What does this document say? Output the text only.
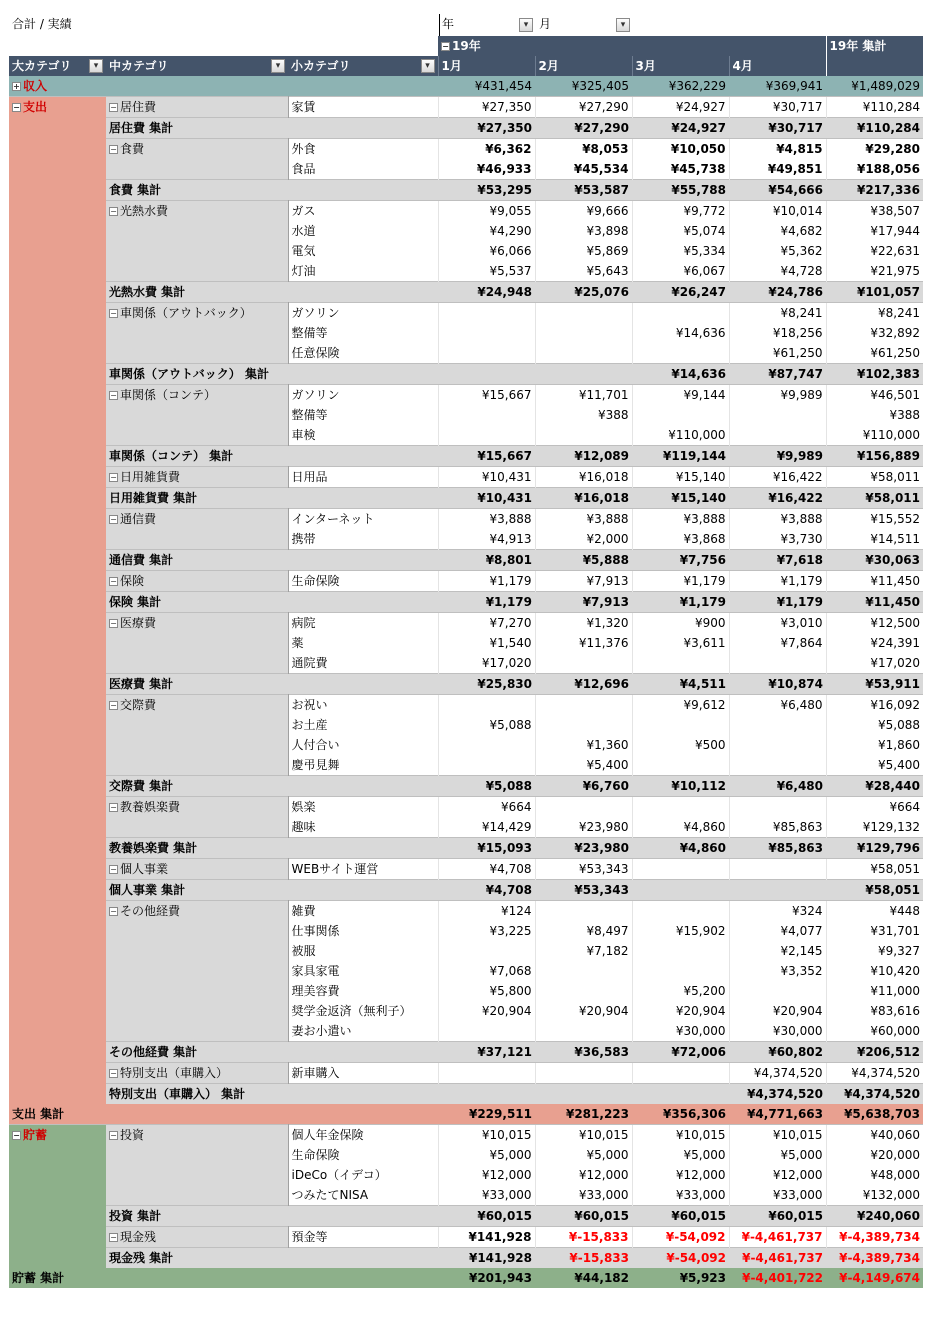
合計 / 実績	年	▾ 月	▾
			− 19年				19年 集計
大カテゴリ ▾	中カテゴリ ▾	小カテゴリ ▾	1月	2月	3月	4月	
+ 収入			¥431,454	¥325,405	¥362,229	¥369,941	¥1,489,029
− 支出	− 居住費	家賃	¥27,350	¥27,290	¥24,927	¥30,717	¥110,284
	居住費 集計		¥27,350	¥27,290	¥24,927	¥30,717	¥110,284
	− 食費	外食	¥6,362	¥8,053	¥10,050	¥4,815	¥29,280
		食品	¥46,933	¥45,534	¥45,738	¥49,851	¥188,056
	食費 集計		¥53,295	¥53,587	¥55,788	¥54,666	¥217,336
	− 光熱水費	ガス	¥9,055	¥9,666	¥9,772	¥10,014	¥38,507
		水道	¥4,290	¥3,898	¥5,074	¥4,682	¥17,944
		電気	¥6,066	¥5,869	¥5,334	¥5,362	¥22,631
		灯油	¥5,537	¥5,643	¥6,067	¥4,728	¥21,975
	光熱水費 集計		¥24,948	¥25,076	¥26,247	¥24,786	¥101,057
	− 車関係（アウトバック）	ガソリン				¥8,241	¥8,241
		整備等			¥14,636	¥18,256	¥32,892
		任意保険				¥61,250	¥61,250
	車関係（アウトバック） 集計				¥14,636	¥87,747	¥102,383
	− 車関係（コンテ）	ガソリン	¥15,667	¥11,701	¥9,144	¥9,989	¥46,501
		整備等		¥388			¥388
		車検			¥110,000		¥110,000
	車関係（コンテ） 集計		¥15,667	¥12,089	¥119,144	¥9,989	¥156,889
	− 日用雑貨費	日用品	¥10,431	¥16,018	¥15,140	¥16,422	¥58,011
	日用雑貨費 集計		¥10,431	¥16,018	¥15,140	¥16,422	¥58,011
	− 通信費	インターネット	¥3,888	¥3,888	¥3,888	¥3,888	¥15,552
		携帯	¥4,913	¥2,000	¥3,868	¥3,730	¥14,511
	通信費 集計		¥8,801	¥5,888	¥7,756	¥7,618	¥30,063
	− 保険	生命保険	¥1,179	¥7,913	¥1,179	¥1,179	¥11,450
	保険 集計		¥1,179	¥7,913	¥1,179	¥1,179	¥11,450
	− 医療費	病院	¥7,270	¥1,320	¥900	¥3,010	¥12,500
		薬	¥1,540	¥11,376	¥3,611	¥7,864	¥24,391
		通院費	¥17,020				¥17,020
	医療費 集計		¥25,830	¥12,696	¥4,511	¥10,874	¥53,911
	− 交際費	お祝い			¥9,612	¥6,480	¥16,092
		お土産	¥5,088				¥5,088
		人付合い		¥1,360	¥500		¥1,860
		慶弔見舞		¥5,400			¥5,400
	交際費 集計		¥5,088	¥6,760	¥10,112	¥6,480	¥28,440
	− 教養娯楽費	娯楽	¥664				¥664
		趣味	¥14,429	¥23,980	¥4,860	¥85,863	¥129,132
	教養娯楽費 集計		¥15,093	¥23,980	¥4,860	¥85,863	¥129,796
	− 個人事業	WEBサイト運営	¥4,708	¥53,343			¥58,051
	個人事業 集計		¥4,708	¥53,343			¥58,051
	− その他経費	雑費	¥124			¥324	¥448
		仕事関係	¥3,225	¥8,497	¥15,902	¥4,077	¥31,701
		被服		¥7,182		¥2,145	¥9,327
		家具家電	¥7,068			¥3,352	¥10,420
		理美容費	¥5,800		¥5,200		¥11,000
		奨学金返済（無利子）	¥20,904	¥20,904	¥20,904	¥20,904	¥83,616
		妻お小遣い			¥30,000	¥30,000	¥60,000
	その他経費 集計		¥37,121	¥36,583	¥72,006	¥60,802	¥206,512
	− 特別支出（車購入）	新車購入				¥4,374,520	¥4,374,520
	特別支出（車購入） 集計					¥4,374,520	¥4,374,520
支出 集計			¥229,511	¥281,223	¥356,306	¥4,771,663	¥5,638,703
− 貯蓄	− 投資	個人年金保険	¥10,015	¥10,015	¥10,015	¥10,015	¥40,060
		生命保険	¥5,000	¥5,000	¥5,000	¥5,000	¥20,000
		iDeCo（イデコ）	¥12,000	¥12,000	¥12,000	¥12,000	¥48,000
		つみたてNISA	¥33,000	¥33,000	¥33,000	¥33,000	¥132,000
	投資 集計		¥60,015	¥60,015	¥60,015	¥60,015	¥240,060
	− 現金残	預金等	¥141,928	¥-15,833	¥-54,092	¥-4,461,737	¥-4,389,734
	現金残 集計		¥141,928	¥-15,833	¥-54,092	¥-4,461,737	¥-4,389,734
貯蓄 集計			¥201,943	¥44,182	¥5,923	¥-4,401,722	¥-4,149,674
